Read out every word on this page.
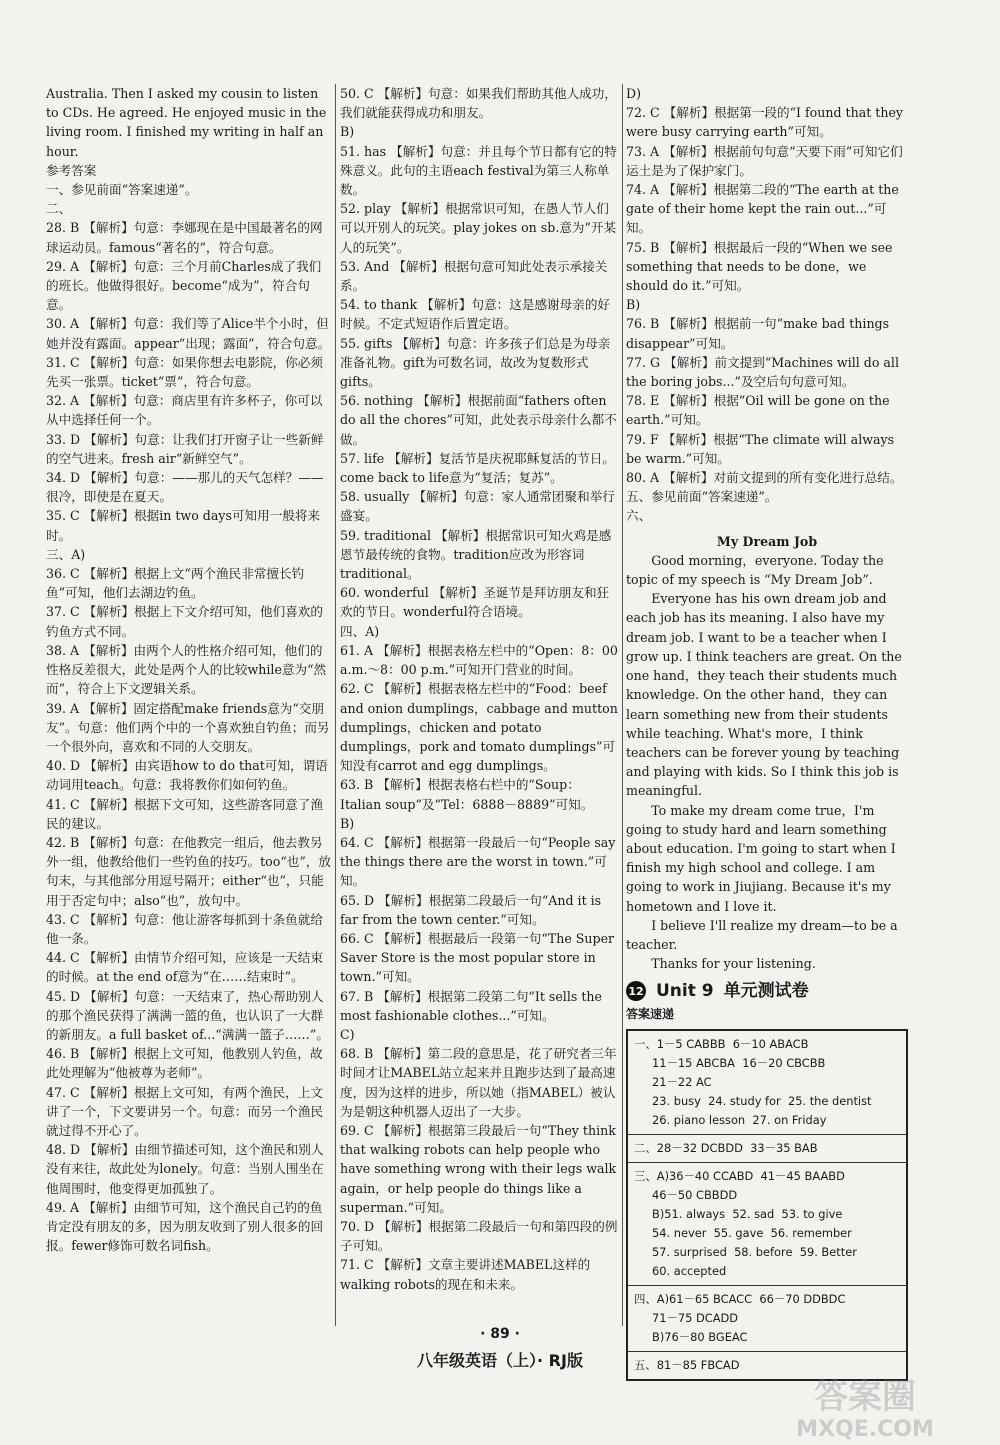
Australia. Then I asked my cousin to listen to CDs. He agreed. He enjoyed music in the living room. I finished my writing in half an hour.

参考答案

一、参见前面“答案速递”。

二、

28. B 【解析】句意：李娜现在是中国最著名的网球运动员。famous“著名的”，符合句意。

29. A 【解析】句意：三个月前Charles成了我们的班长。他做得很好。become“成为”，符合句意。

30. A 【解析】句意：我们等了Alice半个小时，但她并没有露面。appear“出现；露面”，符合句意。

31. C 【解析】句意：如果你想去电影院，你必须先买一张票。ticket“票”，符合句意。

32. A 【解析】句意：商店里有许多杯子，你可以从中选择任何一个。

33. D 【解析】句意：让我们打开窗子让一些新鲜的空气进来。fresh air“新鲜空气”。

34. D 【解析】句意：——那儿的天气怎样？——很冷，即使是在夏天。

35. C 【解析】根据in two days可知用一般将来时。

三、A)

36. C 【解析】根据上文“两个渔民非常擅长钓鱼”可知，他们去湖边钓鱼。

37. C 【解析】根据上下文介绍可知，他们喜欢的钓鱼方式不同。

38. A 【解析】由两个人的性格介绍可知，他们的性格反差很大，此处是两个人的比较while意为“然而”，符合上下文逻辑关系。

39. A 【解析】固定搭配make friends意为“交朋友”。句意：他们两个中的一个喜欢独自钓鱼；而另一个很外向，喜欢和不同的人交朋友。

40. D 【解析】由宾语how to do that可知，谓语动词用teach。句意：我将教你们如何钓鱼。

41. C 【解析】根据下文可知，这些游客同意了渔民的建议。

42. B 【解析】句意：在他教完一组后，他去教另外一组，他教给他们一些钓鱼的技巧。too“也”，放句末，与其他部分用逗号隔开；either“也”，只能用于否定句中；also“也”，放句中。

43. C 【解析】句意：他让游客每抓到十条鱼就给他一条。

44. C 【解析】由情节介绍可知，应该是一天结束的时候。at the end of意为“在……结束时”。

45. D 【解析】句意：一天结束了，热心帮助别人的那个渔民获得了满满一篮的鱼，也认识了一大群的新朋友。a full basket of...“满满一篮子……”。

46. B 【解析】根据上文可知，他教别人钓鱼，故此处理解为“他被尊为老师”。

47. C 【解析】根据上文可知，有两个渔民，上文讲了一个，下文要讲另一个。句意：而另一个渔民就过得不开心了。

48. D 【解析】由细节描述可知，这个渔民和别人没有来往，故此处为lonely。句意：当别人围坐在他周围时，他变得更加孤独了。

49. A 【解析】由细节可知，这个渔民自己钓的鱼肯定没有朋友的多，因为朋友收到了别人很多的回报。fewer修饰可数名词fish。

50. C 【解析】句意：如果我们帮助其他人成功，我们就能获得成功和朋友。

B)

51. has 【解析】句意：并且每个节日都有它的特殊意义。此句的主语each festival为第三人称单数。

52. play 【解析】根据常识可知，在愚人节人们可以开别人的玩笑。play jokes on sb.意为“开某人的玩笑”。

53. And 【解析】根据句意可知此处表示承接关系。

54. to thank 【解析】句意：这是感谢母亲的好时候。不定式短语作后置定语。

55. gifts 【解析】句意：许多孩子们总是为母亲准备礼物。gift为可数名词，故改为复数形式gifts。

56. nothing 【解析】根据前面“fathers often do all the chores”可知，此处表示母亲什么都不做。

57. life 【解析】复活节是庆祝耶稣复活的节日。come back to life意为“复活；复苏”。

58. usually 【解析】句意：家人通常团聚和举行盛宴。

59. traditional 【解析】根据常识可知火鸡是感恩节最传统的食物。tradition应改为形容词traditional。

60. wonderful 【解析】圣诞节是拜访朋友和狂欢的节日。wonderful符合语境。

四、A)

61. A 【解析】根据表格左栏中的“Open：8：00 a.m.～8：00 p.m.”可知开门营业的时间。

62. C 【解析】根据表格左栏中的“Food：beef and onion dumplings，cabbage and mutton dumplings，chicken and potato dumplings，pork and tomato dumplings”可知没有carrot and egg dumplings。

63. B 【解析】根据表格右栏中的“Soup：Italian soup”及“Tel：6888－8889”可知。

B)

64. C 【解析】根据第一段最后一句“People say the things there are the worst in town.”可知。

65. D 【解析】根据第二段最后一句“And it is far from the town center.”可知。

66. C 【解析】根据最后一段第一句“The Super Saver Store is the most popular store in town.”可知。

67. B 【解析】根据第二段第二句“It sells the most fashionable clothes...”可知。

C)

68. B 【解析】第二段的意思是，花了研究者三年时间才让MABEL站立起来并且跑步达到了最高速度，因为这样的进步，所以她（指MABEL）被认为是朝这种机器人迈出了一大步。

69. C 【解析】根据第三段最后一句“They think that walking robots can help people who have something wrong with their legs walk again，or help people do things like a superman.”可知。

70. D 【解析】根据第二段最后一句和第四段的例子可知。

71. C 【解析】文章主要讲述MABEL这样的walking robots的现在和未来。

D)

72. C 【解析】根据第一段的“I found that they were busy carrying earth”可知。

73. A 【解析】根据前句句意“天要下雨”可知它们运土是为了保护家门。

74. A 【解析】根据第二段的“The earth at the gate of their home kept the rain out...”可知。

75. B 【解析】根据最后一段的“When we see something that needs to be done，we should do it.”可知。

B)

76. B 【解析】根据前一句“make bad things disappear”可知。

77. G 【解析】前文提到“Machines will do all the boring jobs...”及空后句句意可知。

78. E 【解析】根据“Oil will be gone on the earth.”可知。

79. F 【解析】根据“The climate will always be warm.”可知。

80. A 【解析】对前文提到的所有变化进行总结。

五、参见前面“答案速递”。

六、

My Dream Job

Good morning，everyone. Today the topic of my speech is “My Dream Job”.

Everyone has his own dream job and each job has its meaning. I also have my dream job. I want to be a teacher when I grow up. I think teachers are great. On the one hand，they teach their students much knowledge. On the other hand，they can learn something new from their students while teaching. What's more，I think teachers can be forever young by teaching and playing with kids. So I think this job is meaningful.

To make my dream come true，I'm going to study hard and learn something about education. I'm going to start when I finish my high school and college. I am going to work in Jiujiang. Because it's my hometown and I love it.

I believe I'll realize my dream—to be a teacher.

Thanks for your listening.

12 Unit 9 单元测试卷
答案速递
一、1－5 CABBB  6－10 ABACB
11－15 ABCBA  16－20 CBCBB
21－22 AC
23. busy  24. study for  25. the dentist
26. piano lesson  27. on Friday
二、28－32 DCBDD  33－35 BAB
三、A)36－40 CCABD  41－45 BAABD
46－50 CBBDD
B)51. always  52. sad  53. to give
54. never  55. gave  56. remember
57. surprised  58. before  59. Better
60. accepted
四、A)61－65 BCACC  66－70 DDBDC
71－75 DCADD
B)76－80 BGEAC
五、81－85 FBCAD
· 89 ·
八年级英语（上）· RJ版
答案圈
MXQE.COM
